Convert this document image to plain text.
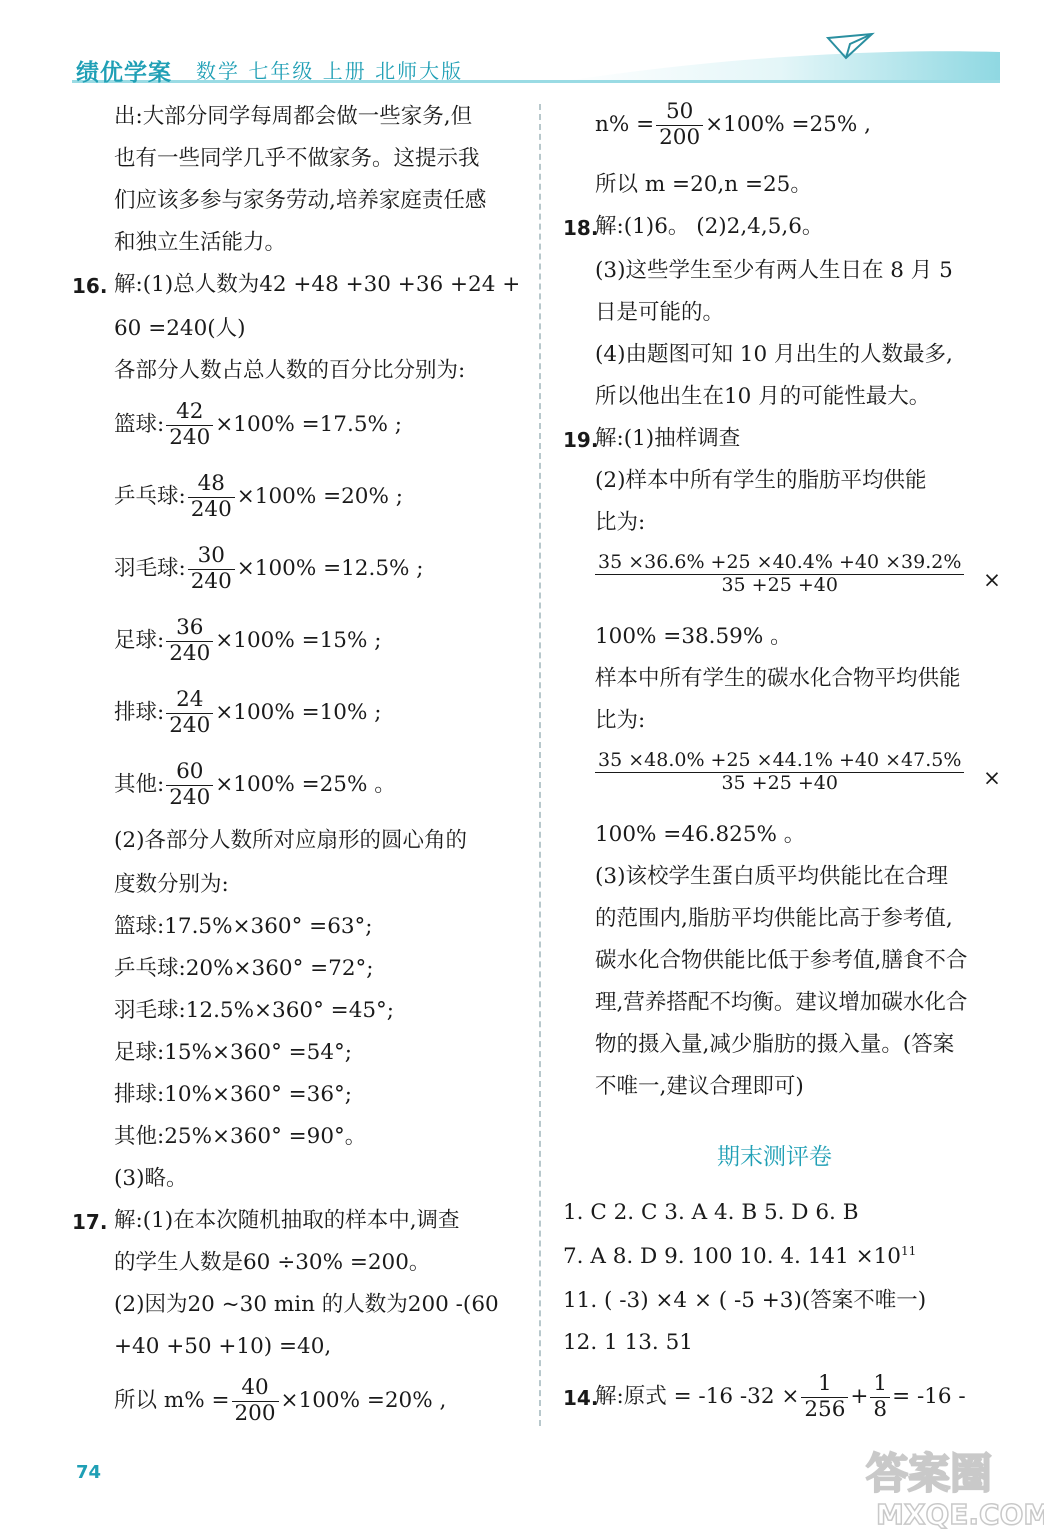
绩优学案 数学 七年级 上册 北师大版
出:大部分同学每周都会做一些家务,但
也有一些同学几乎不做家务。这提示我
们应该多参与家务劳动,培养家庭责任感
和独立生活能力。
16. 解:(1)总人数为42 +48 +30 +36 +24 +
60 =240(人)
各部分人数占总人数的百分比分别为:
篮球: $\frac{42}{240} \times 100\% =17.5\%$ ;
乒乓球: $\frac{48}{240} \times 100\% =20\%$ ;
羽毛球: $\frac{30}{240} \times 100\% =12.5\%$ ;
足球: $\frac{36}{240} \times 100\% =15\%$ ;
排球: $\frac{24}{240} \times 100\% =10\%$ ;
其他: $\frac{60}{240} \times 100\% =25\%$ 。
(2)各部分人数所对应扇形的圆心角的
度数分别为:
篮球:17.5%×360° =63°;
乒乓球:20%×360° =72°;
羽毛球:12.5%×360° =45°;
足球:15%×360° =54°;
排球:10%×360° =36°;
其他:25%×360° =90°。
(3)略。
17. 解:(1)在本次随机抽取的样本中,调查
的学生人数是60 ÷30% =200。
(2)因为20 ~30 min 的人数为200 -(60
+40 +50 +10) =40,
所以 $m\% = \frac{40}{200} \times 100\% =20\%$ ,
$n\% = \frac{50}{200} \times 100\% =25\%$ ,
所以 m =20,n =25。
18.
解:(1)6。 (2)2,4,5,6。
(3)这些学生至少有两人生日在 8 月 5
日是可能的。
(4)由题图可知 10 月出生的人数最多,
所以他出生在10 月的可能性最大。
19.
解:(1)抽样调查
(2)样本中所有学生的脂肪平均供能
比为:
$\frac{35 \times 36.6\% +25 \times 40.4\% +40 \times 39.2\%}{35 +25 +40}$ ×
100% =38.59% 。
样本中所有学生的碳水化合物平均供能
比为:
$\frac{35 \times 48.0\% +25 \times 44.1\% +40 \times 47.5\%}{35 +25 +40}$ ×
100% =46.825% 。
(3)该校学生蛋白质平均供能比在合理
的范围内,脂肪平均供能比高于参考值,
碳水化合物供能比低于参考值,膳食不合
理,营养搭配不均衡。建议增加碳水化合
物的摄入量,减少脂肪的摄入量。(答案
不唯一,建议合理即可)
期末测评卷
1. C 2. C 3. A 4. B 5. D 6. B
7. A 8. D 9. 100 10. 4. $141 \times 10^{11}$
11. ( -3) ×4 × ( -5 +3)(答案不唯一)
12. 1 13. 51
14.
解:原式 = -16 $-32 \times \frac{1}{256} + \frac{1}{8} = -16$ -
74	答案圈
MXQE.COM
